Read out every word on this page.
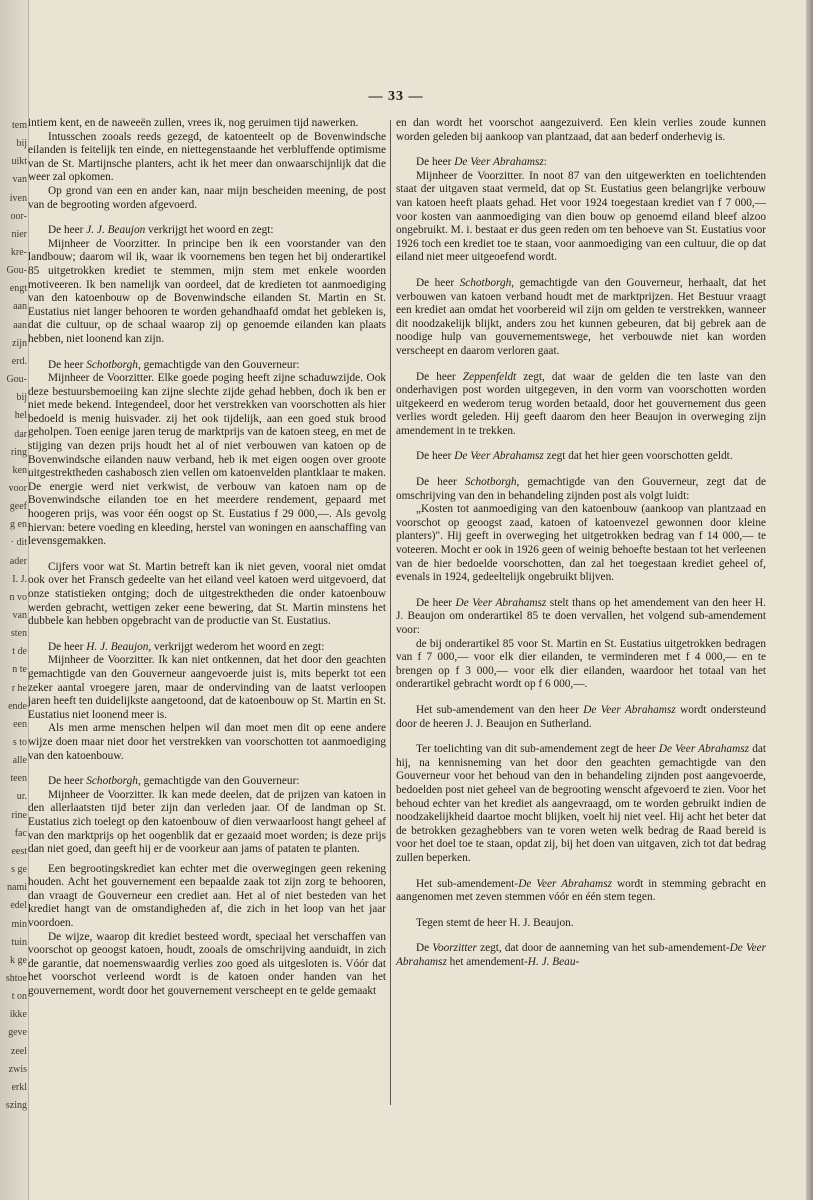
tem
bij
uikt
van
iven
oor-
nier
kre-
Gou-
engt
aan
aan
zijn
erd.
Gou-
bij
hel
dar
ring
ken
voor
geef
g en
· dit
ader
I. J.
n vo
van
sten
t de
n te
r he
ende
een
s to
alle
teen
ur.
rine
fac
eest
s ge
nami
edel
min
tuin
k ge
shtoe
t on
ikke
geve
zeel
zwis
erkl
szing
— 33 —

intiem kent, en de naweeën zullen, vrees ik, nog geruimen tijd nawerken.

Intusschen zooals reeds gezegd, de katoenteelt op de Bovenwindsche eilanden is feitelijk ten einde, en niettegenstaande het verbluffende optimisme van de St. Martijnsche planters, acht ik het meer dan onwaarschijnlijk dat die weer zal opkomen.

Op grond van een en ander kan, naar mijn bescheiden meening, de post van de begrooting worden afgevoerd.

De heer J. J. Beaujon verkrijgt het woord en zegt:

Mijnheer de Voorzitter. In principe ben ik een voorstander van den landbouw; daarom wil ik, waar ik voornemens ben tegen het bij onderartikel 85 uitgetrokken krediet te stemmen, mijn stem met enkele woorden motiveeren. Ik ben namelijk van oordeel, dat de kredieten tot aanmoediging van den katoenbouw op de Bovenwindsche eilanden St. Martin en St. Eustatius niet langer behooren te worden gehandhaafd omdat het gebleken is, dat die cultuur, op de schaal waarop zij op genoemde eilanden kan plaats hebben, niet loonend kan zijn.

De heer Schotborgh, gemachtigde van den Gouverneur:

Mijnheer de Voorzitter. Elke goede poging heeft zijne schaduwzijde. Ook deze bestuursbemoeiing kan zijne slechte zijde gehad hebben, doch ik ben er niet mede bekend. Integendeel, door het verstrekken van voorschotten als hier bedoeld is menig huisvader. zij het ook tijdelijk, aan een goed stuk brood geholpen. Toen eenige jaren terug de marktprijs van de katoen steeg, en met de stijging van dezen prijs houdt het al of niet verbouwen van katoen op de Bovenwindsche eilanden nauw verband, heb ik met eigen oogen over groote uitgestrektheden cashabosch zien vellen om katoenvelden plantklaar te maken. De energie werd niet verkwist, de verbouw van katoen nam op de Bovenwindsche eilanden toe en het meerdere rendement, gepaard met hoogeren prijs, was voor één oogst op St. Eustatius f 29 000,—. Als gevolg hiervan: betere voeding en kleeding, herstel van woningen en aanschaffing van levensgemakken.

Cijfers voor wat St. Martin betreft kan ik niet geven, vooral niet omdat ook over het Fransch gedeelte van het eiland veel katoen werd uitgevoerd, dat onze statistieken ontging; doch de uitgestrektheden die onder katoenbouw werden gebracht, wettigen zeker eene bewering, dat St. Martin minstens het dubbele kan hebben opgebracht van de productie van St. Eustatius.

De heer H. J. Beaujon, verkrijgt wederom het woord en zegt:

Mijnheer de Voorzitter. Ik kan niet ontkennen, dat het door den geachten gemachtigde van den Gouverneur aangevoerde juist is, mits beperkt tot een zeker aantal vroegere jaren, maar de ondervinding van de laatst verloopen jaren heeft ten duidelijkste aangetoond, dat de katoenbouw op St. Martin en St. Eustatius niet loonend meer is.

Als men arme menschen helpen wil dan moet men dit op eene andere wijze doen maar niet door het verstrekken van voorschotten tot aanmoediging van den katoenbouw.

De heer Schotborgh, gemachtigde van den Gouverneur:

Mijnheer de Voorzitter. Ik kan mede deelen, dat de prijzen van katoen in den allerlaatsten tijd beter zijn dan verleden jaar. Of de landman op St. Eustatius zich toelegt op den katoenbouw of dien verwaarloost hangt geheel af van den marktprijs op het oogenblik dat er gezaaid moet worden; is deze prijs dan niet goed, dan geeft hij er de voorkeur aan jams of pataten te planten.

Een begrootingskrediet kan echter met die overwegingen geen rekening houden. Acht het gouvernement een bepaalde zaak tot zijn zorg te behooren, dan vraagt de Gouverneur een crediet aan. Het al of niet besteden van het krediet hangt van de omstandigheden af, die zich in het loop van het jaar voordoen.

De wijze, waarop dit krediet besteed wordt, speciaal het verschaffen van voorschot op geoogst katoen, houdt, zooals de omschrijving aanduidt, in zich de garantie, dat noemenswaardig verlies zoo goed als uitgesloten is. Vóór dat het voorschot verleend wordt is de katoen onder handen van het gouvernement, wordt door het gouvernement verscheept en te gelde gemaakt

en dan wordt het voorschot aangezuiverd. Een klein verlies zoude kunnen worden geleden bij aankoop van plantzaad, dat aan bederf onderhevig is.

De heer De Veer Abrahamsz:

Mijnheer de Voorzitter. In noot 87 van den uitgewerkten en toelichtenden staat der uitgaven staat vermeld, dat op St. Eustatius geen belangrijke verbouw van katoen heeft plaats gehad. Het voor 1924 toegestaan krediet van f 7 000,— voor kosten van aanmoediging van dien bouw op genoemd eiland bleef alzoo ongebruikt. M. i. bestaat er dus geen reden om ten behoeve van St. Eustatius voor 1926 toch een krediet toe te staan, voor aanmoediging van een cultuur, die op dat eiland niet meer uitgeoefend wordt.

De heer Schotborgh, gemachtigde van den Gouverneur, herhaalt, dat het verbouwen van katoen verband houdt met de marktprijzen. Het Bestuur vraagt een krediet aan omdat het voorbereid wil zijn om gelden te verstrekken, wanneer dit noodzakelijk blijkt, anders zou het kunnen gebeuren, dat bij gebrek aan de noodige hulp van gouvernementswege, het verbouwde niet kan worden verscheept en daarom verloren gaat.

De heer Zeppenfeldt zegt, dat waar de gelden die ten laste van den onderhavigen post worden uitgegeven, in den vorm van voorschotten worden uitgekeerd en wederom terug worden betaald, door het gouvernement dus geen verlies wordt geleden. Hij geeft daarom den heer Beaujon in overweging zijn amendement in te trekken.

De heer De Veer Abrahamsz zegt dat het hier geen voorschotten geldt.

De heer Schotborgh, gemachtigde van den Gouverneur, zegt dat de omschrijving van den in behandeling zijnden post als volgt luidt:

„Kosten tot aanmoediging van den katoenbouw (aankoop van plantzaad en voorschot op geoogst zaad, katoen of katoenvezel gewonnen door kleine planters)". Hij geeft in overweging het uitgetrokken bedrag van f 14 000,— te voteeren. Mocht er ook in 1926 geen of weinig behoefte bestaan tot het verleenen van de hier bedoelde voorschotten, dan zal het toegestaan krediet geheel of, evenals in 1924, gedeeltelijk ongebruikt blijven.

De heer De Veer Abrahamsz stelt thans op het amendement van den heer H. J. Beaujon om onderartikel 85 te doen vervallen, het volgend sub-amendement voor:

de bij onderartikel 85 voor St. Martin en St. Eustatius uitgetrokken bedragen van f 7 000,— voor elk dier eilanden, te verminderen met f 4 000,— en te brengen op f 3 000,— voor elk dier eilanden, waardoor het totaal van het onderartikel gebracht wordt op f 6 000,—.

Het sub-amendement van den heer De Veer Abrahamsz wordt ondersteund door de heeren J. J. Beaujon en Sutherland.

Ter toelichting van dit sub-amendement zegt de heer De Veer Abrahamsz dat hij, na kennisneming van het door den geachten gemachtigde van den Gouverneur voor het behoud van den in behandeling zijnden post aangevoerde, bedoelden post niet geheel van de begrooting wenscht afgevoerd te zien. Voor het behoud echter van het krediet als aangevraagd, om te worden gebruikt indien de noodzakelijkheid daartoe mocht blijken, voelt hij niet veel. Hij acht het beter dat de betrokken gezaghebbers van te voren weten welk bedrag de Raad bereid is voor het doel toe te staan, opdat zij, bij het doen van uitgaven, zich tot dat bedrag zullen beperken.

Het sub-amendement-De Veer Abrahamsz wordt in stemming gebracht en aangenomen met zeven stemmen vóór en één stem tegen.

Tegen stemt de heer H. J. Beaujon.

De Voorzitter zegt, dat door de aanneming van het sub-amendement-De Veer Abrahamsz het amendement-H. J. Beau-
